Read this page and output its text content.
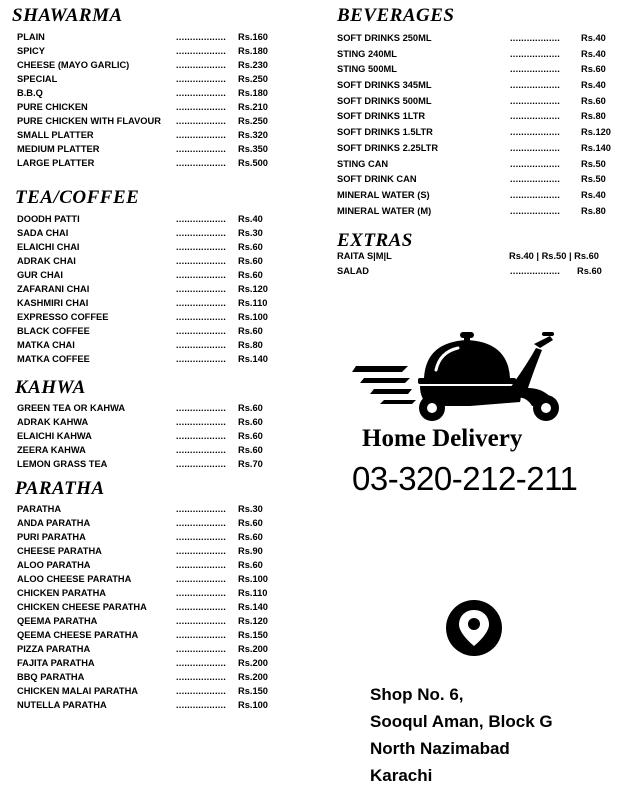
SHAWARMA
PLAIN	.................. Rs.160
SPICY	.................. Rs.180
CHEESE (MAYO GARLIC)	.................. Rs.230
SPECIAL	.................. Rs.250
B.B.Q	.................. Rs.180
PURE CHICKEN	.................. Rs.210
PURE CHICKEN WITH FLAVOUR .................. Rs.250
SMALL PLATTER	.................. Rs.320
MEDIUM PLATTER	.................. Rs.350
LARGE PLATTER	.................. Rs.500
TEA/COFFEE
DOODH PATTI	.................. Rs.40
SADA CHAI	.................. Rs.30
ELAICHI CHAI	.................. Rs.60
ADRAK CHAI	.................. Rs.60
GUR CHAI	.................. Rs.60
ZAFARANI CHAI	.................. Rs.120
KASHMIRI CHAI	.................. Rs.110
EXPRESSO COFFEE	.................. Rs.100
BLACK COFFEE	.................. Rs.60
MATKA CHAI	.................. Rs.80
MATKA COFFEE	.................. Rs.140
KAHWA
GREEN TEA OR KAHWA	.................. Rs.60
ADRAK KAHWA	.................. Rs.60
ELAICHI KAHWA	.................. Rs.60
ZEERA KAHWA	.................. Rs.60
LEMON GRASS TEA	.................. Rs.70
PARATHA
PARATHA	.................. Rs.30
ANDA PARATHA	.................. Rs.60
PURI PARATHA	.................. Rs.60
CHEESE PARATHA	.................. Rs.90
ALOO PARATHA	.................. Rs.60
ALOO CHEESE PARATHA	.................. Rs.100
CHICKEN PARATHA	.................. Rs.110
CHICKEN CHEESE PARATHA	.................. Rs.140
QEEMA PARATHA	.................. Rs.120
QEEMA CHEESE PARATHA	.................. Rs.150
PIZZA PARATHA	.................. Rs.200
FAJITA PARATHA	.................. Rs.200
BBQ PARATHA	.................. Rs.200
CHICKEN MALAI PARATHA	.................. Rs.150
NUTELLA PARATHA	.................. Rs.100
BEVERAGES
SOFT DRINKS 250ML	.................. Rs.40
STING 240ML	.................. Rs.40
STING 500ML	.................. Rs.60
SOFT DRINKS 345ML	.................. Rs.40
SOFT DRINKS 500ML	.................. Rs.60
SOFT DRINKS 1LTR	.................. Rs.80
SOFT DRINKS 1.5LTR	.................. Rs.120
SOFT DRINKS 2.25LTR	.................. Rs.140
STING CAN	.................. Rs.50
SOFT DRINK CAN	.................. Rs.50
MINERAL WATER (S)	.................. Rs.40
MINERAL WATER (M)	.................. Rs.80
EXTRAS
RAITA S|M|L	Rs.40 | Rs.50 | Rs.60
SALAD	.................. Rs.60
Home Delivery
03-320-212-211
Shop No. 6,
Sooqul Aman, Block G
North Nazimabad
Karachi
